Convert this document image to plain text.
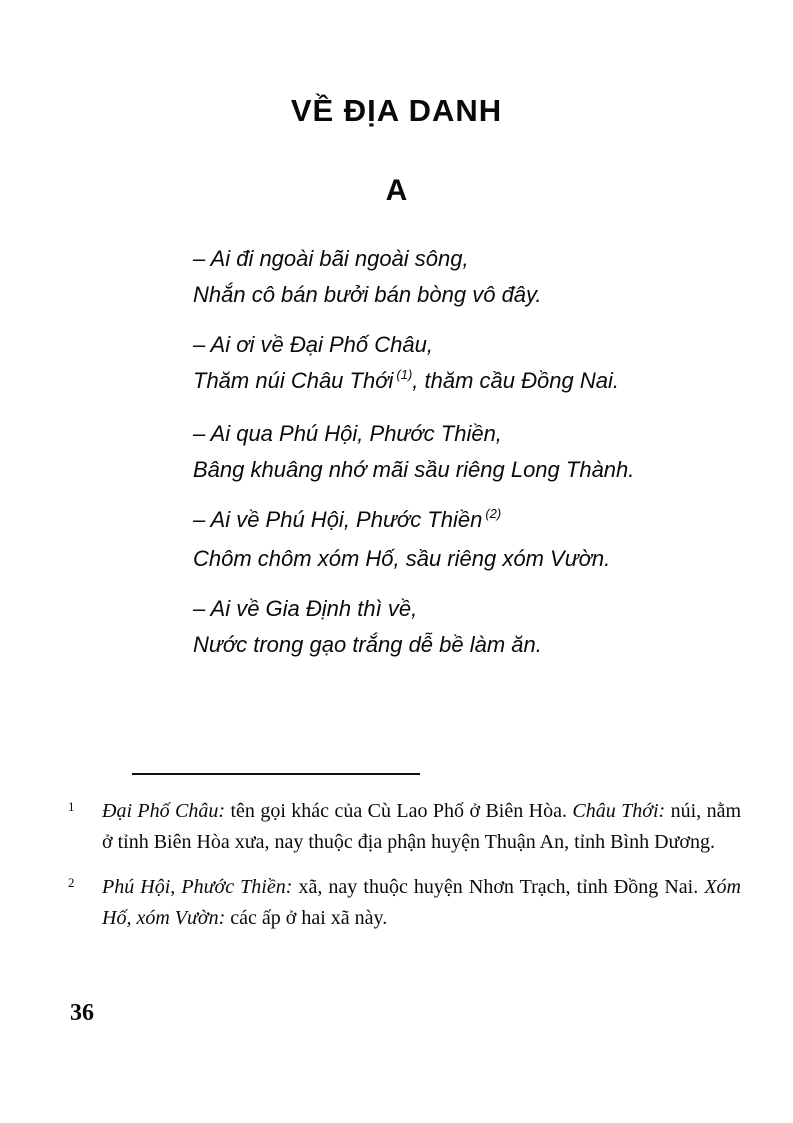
VỀ ĐỊA DANH
A
– Ai đi ngoài bãi ngoài sông,
Nhắn cô bán bưởi bán bòng vô đây.
– Ai ơi về Đại Phố Châu,
Thăm núi Châu Thới $^{(1)}$, thăm cầu Đồng Nai.
– Ai qua Phú Hội, Phước Thiền,
Bâng khuâng nhớ mãi sầu riêng Long Thành.
– Ai về Phú Hội, Phước Thiền $^{(2)}$
Chôm chôm xóm Hố, sầu riêng xóm Vườn.
– Ai về Gia Định thì về,
Nước trong gạo trắng dễ bề làm ăn.
1 Đại Phố Châu: tên gọi khác của Cù Lao Phố ở Biên Hòa. Châu Thới: núi, nằm ở tỉnh Biên Hòa xưa, nay thuộc địa phận huyện Thuận An, tỉnh Bình Dương.
2 Phú Hội, Phước Thiền: xã, nay thuộc huyện Nhơn Trạch, tỉnh Đồng Nai. Xóm Hố, xóm Vườn: các ấp ở hai xã này.
36
